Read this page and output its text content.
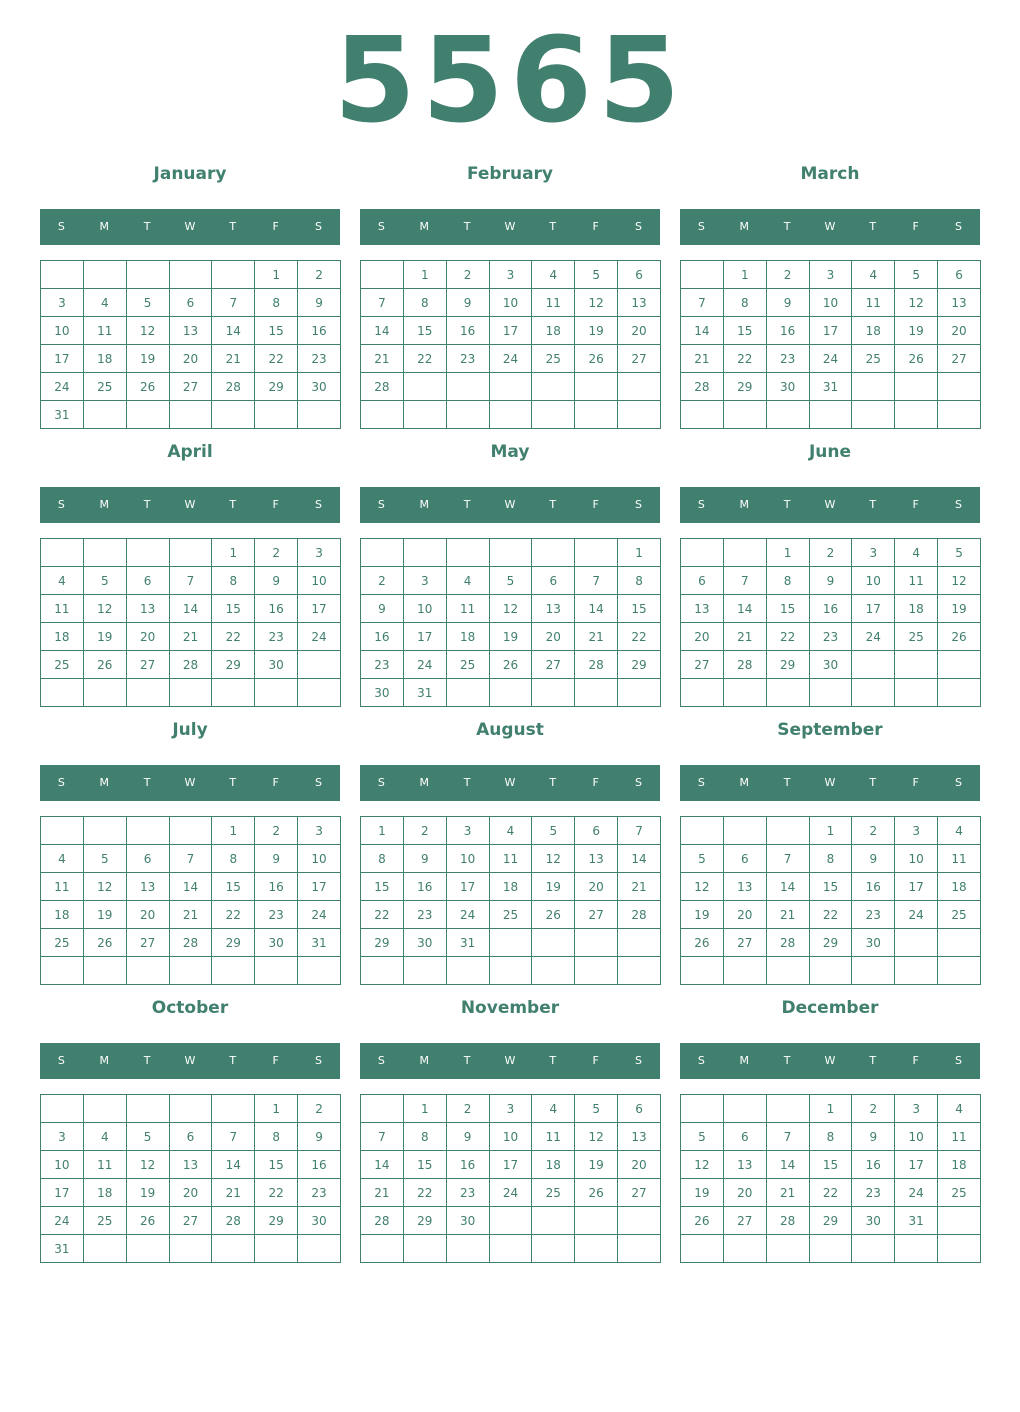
5565
January
S	M	T	W	T	F	S
					1	2
3	4	5	6	7	8	9
10	11	12	13	14	15	16
17	18	19	20	21	22	23
24	25	26	27	28	29	30
31						
February
S	M	T	W	T	F	S
	1	2	3	4	5	6
7	8	9	10	11	12	13
14	15	16	17	18	19	20
21	22	23	24	25	26	27
28						

March
S	M	T	W	T	F	S
	1	2	3	4	5	6
7	8	9	10	11	12	13
14	15	16	17	18	19	20
21	22	23	24	25	26	27
28	29	30	31			

April
S	M	T	W	T	F	S
				1	2	3
4	5	6	7	8	9	10
11	12	13	14	15	16	17
18	19	20	21	22	23	24
25	26	27	28	29	30	

May
S	M	T	W	T	F	S
						1
2	3	4	5	6	7	8
9	10	11	12	13	14	15
16	17	18	19	20	21	22
23	24	25	26	27	28	29
30	31					
June
S	M	T	W	T	F	S
		1	2	3	4	5
6	7	8	9	10	11	12
13	14	15	16	17	18	19
20	21	22	23	24	25	26
27	28	29	30			

July
S	M	T	W	T	F	S
				1	2	3
4	5	6	7	8	9	10
11	12	13	14	15	16	17
18	19	20	21	22	23	24
25	26	27	28	29	30	31

August
S	M	T	W	T	F	S
1	2	3	4	5	6	7
8	9	10	11	12	13	14
15	16	17	18	19	20	21
22	23	24	25	26	27	28
29	30	31				

September
S	M	T	W	T	F	S
			1	2	3	4
5	6	7	8	9	10	11
12	13	14	15	16	17	18
19	20	21	22	23	24	25
26	27	28	29	30		

October
S	M	T	W	T	F	S
					1	2
3	4	5	6	7	8	9
10	11	12	13	14	15	16
17	18	19	20	21	22	23
24	25	26	27	28	29	30
31						
November
S	M	T	W	T	F	S
	1	2	3	4	5	6
7	8	9	10	11	12	13
14	15	16	17	18	19	20
21	22	23	24	25	26	27
28	29	30				

December
S	M	T	W	T	F	S
			1	2	3	4
5	6	7	8	9	10	11
12	13	14	15	16	17	18
19	20	21	22	23	24	25
26	27	28	29	30	31	
